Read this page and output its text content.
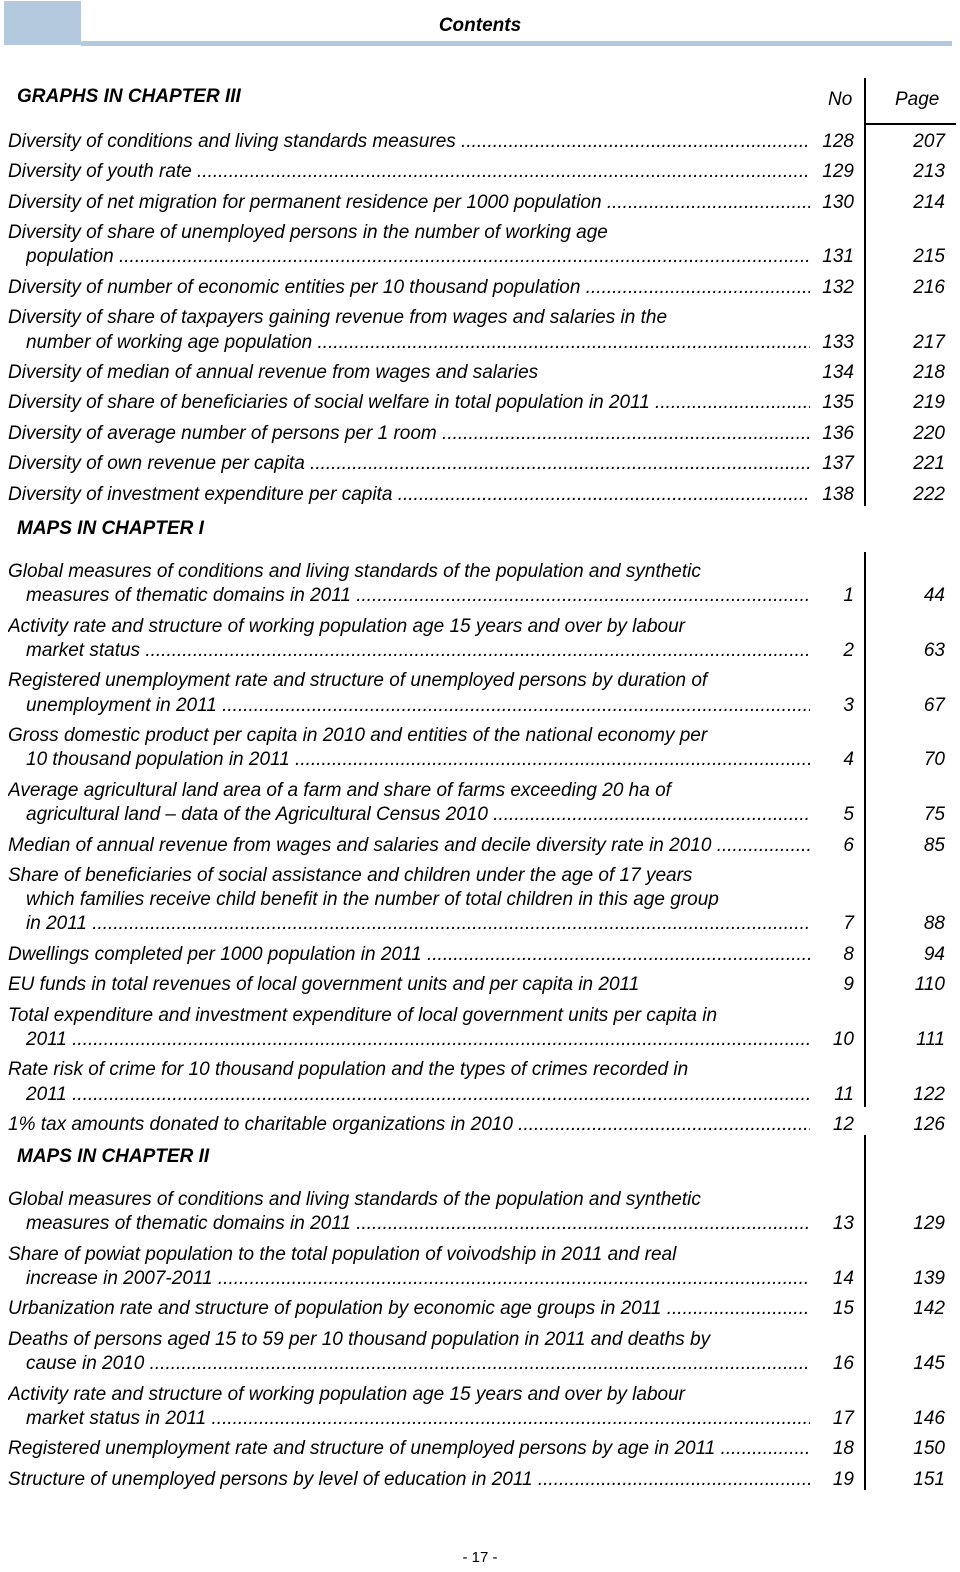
Contents
No Page
GRAPHS IN CHAPTER III
Diversity of conditions and living standards measures .....	128	207
Diversity of youth rate .....	129	213
Diversity of net migration for permanent residence per 1000 population .....	130	214
Diversity of share of unemployed persons in the number of working age
population .....	131	215
Diversity of number of economic entities per 10 thousand population .....	132	216
Diversity of share of taxpayers gaining revenue from wages and salaries in the
number of working age population .....	133	217
Diversity of median of annual revenue from wages and salaries	134	218
Diversity of share of beneficiaries of social welfare in total population in 2011 .....	135	219
Diversity of average number of persons per 1 room .....	136	220
Diversity of own revenue per capita .....	137	221
Diversity of investment expenditure per capita .....	138	222
MAPS IN CHAPTER I
Global measures of conditions and living standards of the population and synthetic
measures of thematic domains in 2011 .....	1	44
Activity rate and structure of working population age 15 years and over by labour
market status .....	2	63
Registered unemployment rate and structure of unemployed persons by duration of
unemployment in 2011 .....	3	67
Gross domestic product per capita in 2010 and entities of the national economy per
10 thousand population in 2011 .....	4	70
Average agricultural land area of a farm and share of farms exceeding 20 ha of
agricultural land – data of the Agricultural Census 2010 .....	5	75
Median of annual revenue from wages and salaries and decile diversity rate in 2010 .....	6	85
Share of beneficiaries of social assistance and children under the age of 17 years
which families receive child benefit in the number of total children in this age group
in 2011 .....	7	88
Dwellings completed per 1000 population in 2011 .....	8	94
EU funds in total revenues of local government units and per capita in 2011	9	110
Total expenditure and investment expenditure of local government units per capita in
2011 .....	10	111
Rate risk of crime for 10 thousand population and the types of crimes recorded in
2011 .....	11	122
1% tax amounts donated to charitable organizations in 2010 .....	12	126
MAPS IN CHAPTER II
Global measures of conditions and living standards of the population and synthetic
measures of thematic domains in 2011 .....	13	129
Share of powiat population to the total population of voivodship in 2011 and real
increase in 2007-2011 .....	14	139
Urbanization rate and structure of population by economic age groups in 2011 .....	15	142
Deaths of persons aged 15 to 59 per 10 thousand population in 2011 and deaths by
cause in 2010 .....	16	145
Activity rate and structure of working population age 15 years and over by labour
market status in 2011 .....	17	146
Registered unemployment rate and structure of unemployed persons by age in 2011 .....	18	150
Structure of unemployed persons by level of education in 2011 .....	19	151
- 17 -
